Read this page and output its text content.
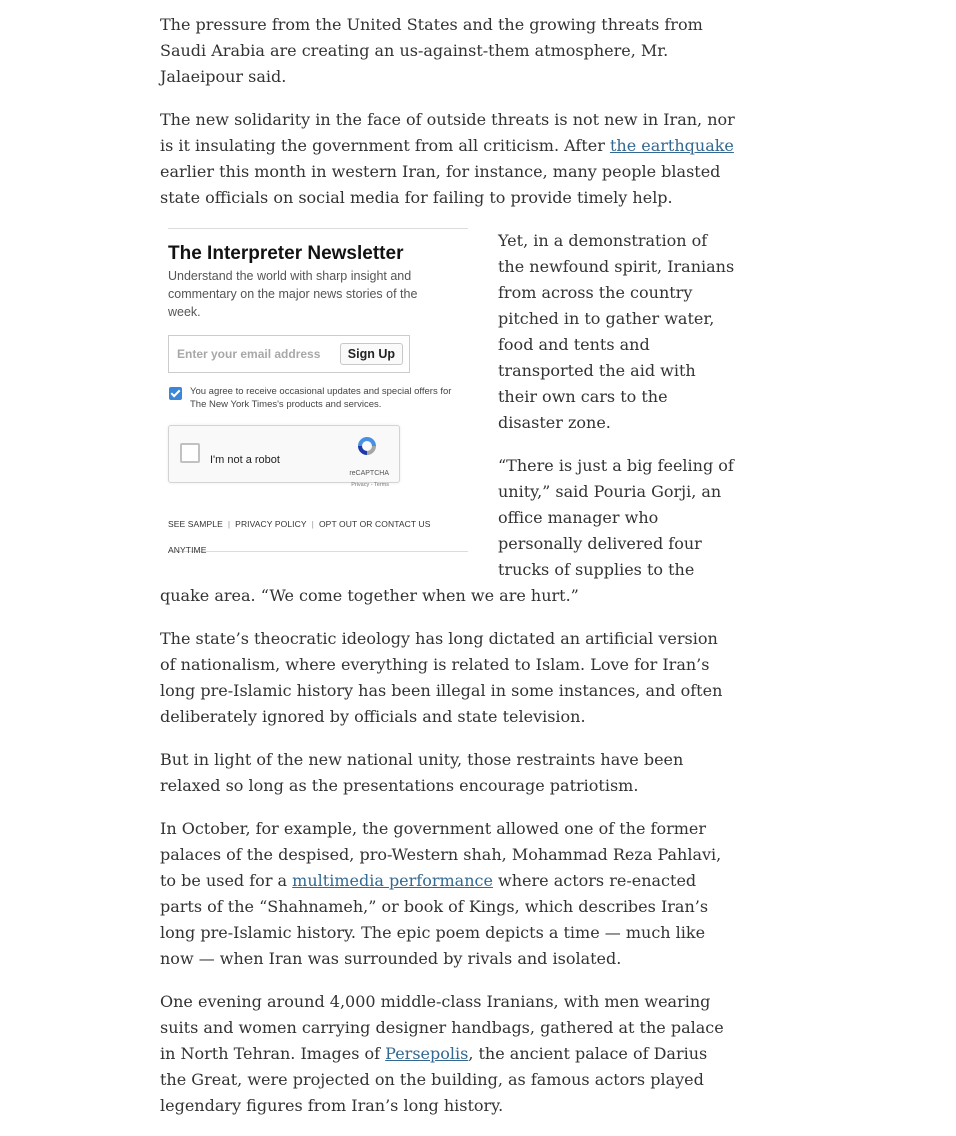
The pressure from the United States and the growing threats from Saudi Arabia are creating an us-against-them atmosphere, Mr. Jalaeipour said.

The new solidarity in the face of outside threats is not new in Iran, nor is it insulating the government from all criticism. After the earthquake earlier this month in western Iran, for instance, many people blasted state officials on social media for failing to provide timely help.

The Interpreter Newsletter
Understand the world with sharp insight and commentary on the major news stories of the week.
Enter your email address
Sign Up
You agree to receive occasional updates and special offers for The New York Times's products and services.
I'm not a robot
reCAPTCHA
Privacy - Terms
SEE SAMPLE | PRIVACY POLICY | OPT OUT OR CONTACT US ANYTIME

Yet, in a demonstration of the newfound spirit, Iranians from across the country pitched in to gather water, food and tents and transported the aid with their own cars to the disaster zone.

“There is just a big feeling of unity,” said Pouria Gorji, an office manager who personally delivered four trucks of supplies to the quake area. “We come together when we are hurt.”

The state’s theocratic ideology has long dictated an artificial version of nationalism, where everything is related to Islam. Love for Iran’s long pre-Islamic history has been illegal in some instances, and often deliberately ignored by officials and state television.

But in light of the new national unity, those restraints have been relaxed so long as the presentations encourage patriotism.

In October, for example, the government allowed one of the former palaces of the despised, pro-Western shah, Mohammad Reza Pahlavi, to be used for a multimedia performance where actors re-enacted parts of the “Shahnameh,” or book of Kings, which describes Iran’s long pre-Islamic history. The epic poem depicts a time — much like now — when Iran was surrounded by rivals and isolated.

One evening around 4,000 middle-class Iranians, with men wearing suits and women carrying designer handbags, gathered at the palace in North Tehran. Images of Persepolis, the ancient palace of Darius the Great, were projected on the building, as famous actors played legendary figures from Iran’s long history.
